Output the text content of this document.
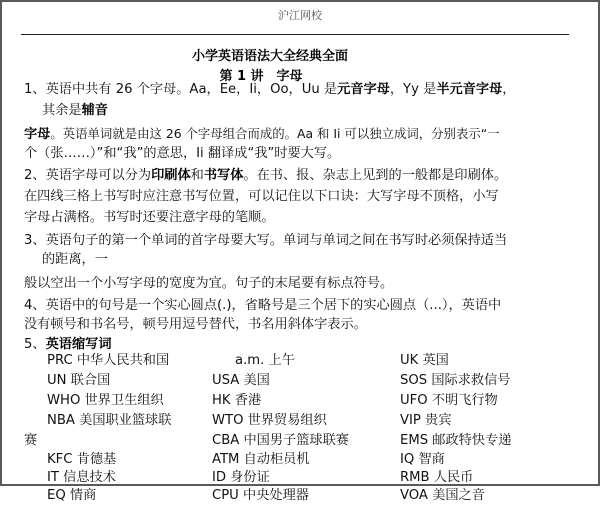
沪江网校
小学英语语法大全经典全面
第 1 讲　字母
1、英语中共有 26 个字母。Aa，Ee，Ii，Oo，Uu 是元音字母，Yy 是半元音字母，
其余是辅音
字母。英语单词就是由这 26 个字母组合而成的。Aa 和 Ii 可以独立成词，分别表示“一
个（张……）”和“我”的意思，Ii 翻译成“我”时要大写。
2、英语字母可以分为印刷体和书写体。在书、报、杂志上见到的一般都是印刷体。
在四线三格上书写时应注意书写位置，可以记住以下口诀：大写字母不顶格，小写
字母占满格。书写时还要注意字母的笔顺。
3、英语句子的第一个单词的首字母要大写。单词与单词之间在书写时必须保持适当
的距离，一
般以空出一个小写字母的宽度为宜。句子的末尾要有标点符号。
4、英语中的句号是一个实心圆点(.)，省略号是三个居下的实心圆点（...），英语中
没有顿号和书名号，顿号用逗号替代，书名用斜体字表示。
5、英语缩写词
PRC 中华人民共和国	a.m. 上午	UK 英国
UN 联合国	USA 美国	SOS 国际求救信号
WHO 世界卫生组织	HK 香港	UFO 不明飞行物
NBA 美国职业篮球联	WTO 世界贸易组织	VIP 贵宾
赛	CBA 中国男子篮球联赛	EMS 邮政特快专递
KFC 肯德基	ATM 自动柜员机	IQ 智商
IT 信息技术	ID 身份证	RMB 人民币
EQ 情商	CPU 中央处理器	VOA 美国之音
